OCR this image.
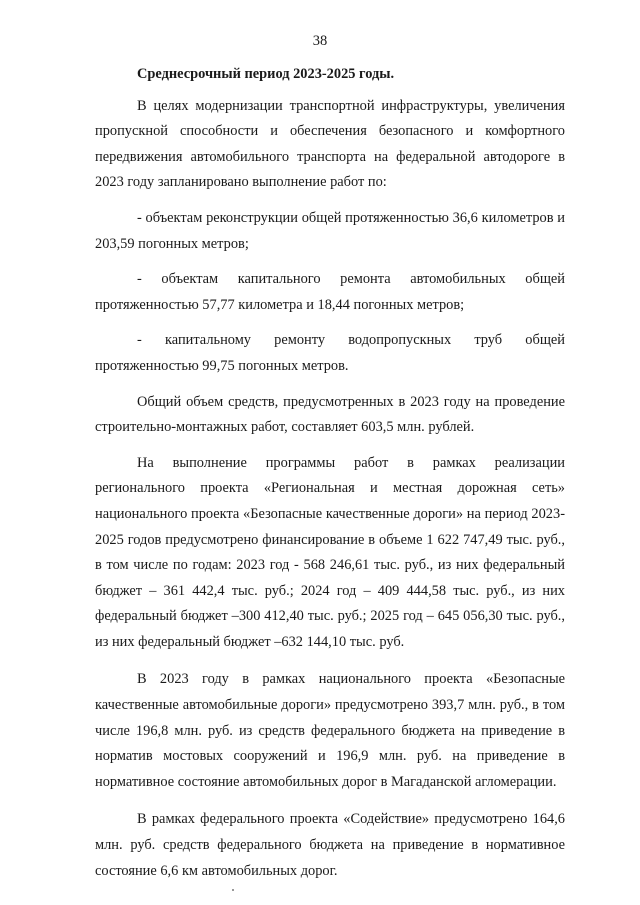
38

Среднесрочный период 2023-2025 годы.

В целях модернизации транспортной инфраструктуры, увеличения пропускной способности и обеспечения безопасного и комфортного передвижения автомобильного транспорта на федеральной автодороге в 2023 году запланировано выполнение работ по:

- объектам реконструкции общей протяженностью 36,6 километров и 203,59 погонных метров;

- объектам капитального ремонта автомобильных общей протяженностью 57,77 километра и 18,44 погонных метров;

- капитальному ремонту водопропускных труб общей протяженностью 99,75 погонных метров.

Общий объем средств, предусмотренных в 2023 году на проведение строительно-монтажных работ, составляет 603,5 млн. рублей.

На выполнение программы работ в рамках реализации регионального проекта «Региональная и местная дорожная сеть» национального проекта «Безопасные качественные дороги» на период 2023-2025 годов предусмотрено финансирование в объеме 1 622 747,49 тыс. руб., в том числе по годам: 2023 год - 568 246,61 тыс. руб., из них федеральный бюджет – 361 442,4 тыс. руб.; 2024 год – 409 444,58 тыс. руб., из них федеральный бюджет –300 412,40 тыс. руб.; 2025 год – 645 056,30 тыс. руб., из них федеральный бюджет –632 144,10 тыс. руб.

В 2023 году в рамках национального проекта «Безопасные качественные автомобильные дороги» предусмотрено 393,7 млн. руб., в том числе 196,8 млн. руб. из средств федерального бюджета на приведение в норматив мостовых сооружений и 196,9 млн. руб. на приведение в нормативное состояние автомобильных дорог в Магаданской агломерации.

В рамках федерального проекта «Содействие» предусмотрено 164,6 млн. руб. средств федерального бюджета на приведение в нормативное состояние 6,6 км автомобильных дорог.
